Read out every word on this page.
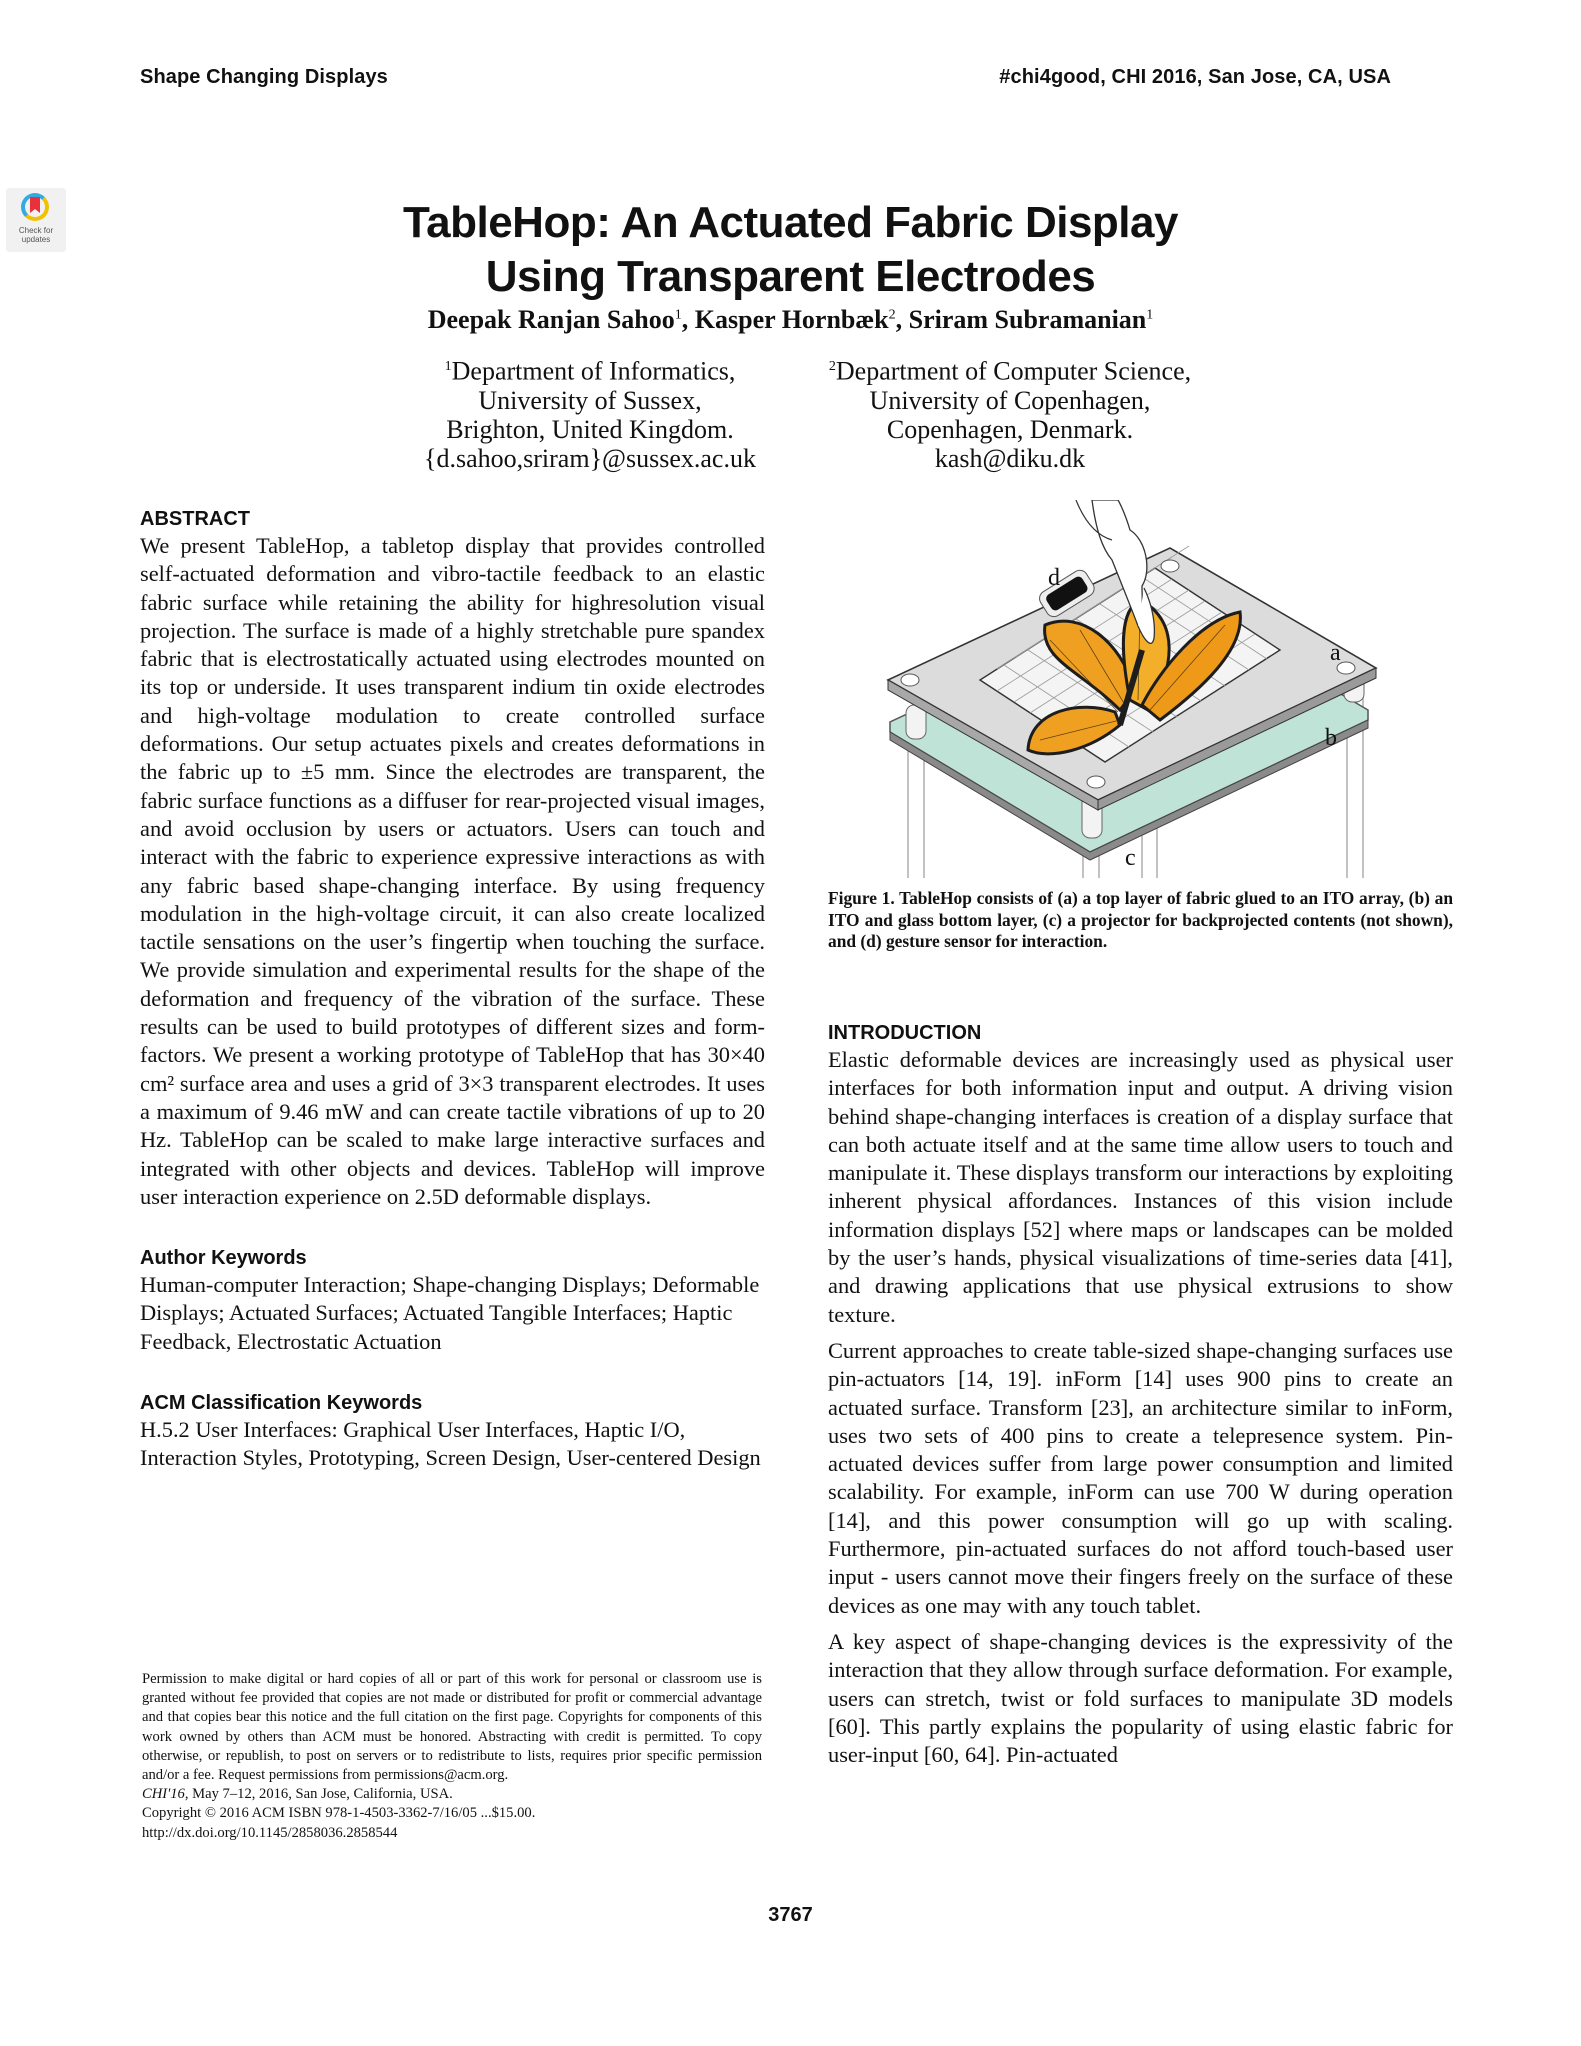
Shape Changing Displays	#chi4good, CHI 2016, San Jose, CA, USA
Check for
updates	TableHop: An Actuated Fabric Display
Using Transparent Electrodes
Deepak Ranjan Sahoo$^1$, Kasper Hornbæk$^2$, Sriram Subramanian$^1$
$^1$Department of Informatics,
University of Sussex,
Brighton, United Kingdom.
{d.sahoo,sriram}@sussex.ac.uk
$^2$Department of Computer Science,
University of Copenhagen,
Copenhagen, Denmark.
kash@diku.dk
ABSTRACT

We present TableHop, a tabletop display that provides controlled self-actuated deformation and vibro-tactile feedback to an elastic fabric surface while retaining the ability for highresolution visual projection. The surface is made of a highly stretchable pure spandex fabric that is electrostatically actuated using electrodes mounted on its top or underside. It uses transparent indium tin oxide electrodes and high-voltage modulation to create controlled surface deformations. Our setup actuates pixels and creates deformations in the fabric up to ±5 mm. Since the electrodes are transparent, the fabric surface functions as a diffuser for rear-projected visual images, and avoid occlusion by users or actuators. Users can touch and interact with the fabric to experience expressive interactions as with any fabric based shape-changing interface. By using frequency modulation in the high-voltage circuit, it can also create localized tactile sensations on the user’s fingertip when touching the surface. We provide simulation and experimental results for the shape of the deformation and frequency of the vibration of the surface. These results can be used to build prototypes of different sizes and form-factors. We present a working prototype of TableHop that has 30×40 cm² surface area and uses a grid of 3×3 transparent electrodes. It uses a maximum of 9.46 mW and can create tactile vibrations of up to 20 Hz. TableHop can be scaled to make large interactive surfaces and integrated with other objects and devices. TableHop will improve user interaction experience on 2.5D deformable displays.

Author Keywords

Human-computer Interaction; Shape-changing Displays; Deformable Displays; Actuated Surfaces; Actuated Tangible Interfaces; Haptic Feedback, Electrostatic Actuation

ACM Classification Keywords

H.5.2 User Interfaces: Graphical User Interfaces, Haptic I/O, Interaction Styles, Prototyping, Screen Design, User-centered Design

Permission to make digital or hard copies of all or part of this work for personal or classroom use is granted without fee provided that copies are not made or distributed for profit or commercial advantage and that copies bear this notice and the full citation on the first page. Copyrights for components of this work owned by others than ACM must be honored. Abstracting with credit is permitted. To copy otherwise, or republish, to post on servers or to redistribute to lists, requires prior specific permission and/or a fee. Request permissions from permissions@acm.org.
CHI'16, May 7–12, 2016, San Jose, California, USA.
Copyright © 2016 ACM ISBN 978-1-4503-3362-7/16/05 ...$15.00.
http://dx.doi.org/10.1145/2858036.2858544
d
a
b
c
Figure 1. TableHop consists of (a) a top layer of fabric glued to an ITO array, (b) an ITO and glass bottom layer, (c) a projector for backprojected contents (not shown), and (d) gesture sensor for interaction.
INTRODUCTION

Elastic deformable devices are increasingly used as physical user interfaces for both information input and output. A driving vision behind shape-changing interfaces is creation of a display surface that can both actuate itself and at the same time allow users to touch and manipulate it. These displays transform our interactions by exploiting inherent physical affordances. Instances of this vision include information displays [52] where maps or landscapes can be molded by the user’s hands, physical visualizations of time-series data [41], and drawing applications that use physical extrusions to show texture.

Current approaches to create table-sized shape-changing surfaces use pin-actuators [14, 19]. inForm [14] uses 900 pins to create an actuated surface. Transform [23], an architecture similar to inForm, uses two sets of 400 pins to create a telepresence system. Pin-actuated devices suffer from large power consumption and limited scalability. For example, inForm can use 700 W during operation [14], and this power consumption will go up with scaling. Furthermore, pin-actuated surfaces do not afford touch-based user input - users cannot move their fingers freely on the surface of these devices as one may with any touch tablet.

A key aspect of shape-changing devices is the expressivity of the interaction that they allow through surface deformation. For example, users can stretch, twist or fold surfaces to manipulate 3D models [60]. This partly explains the popularity of using elastic fabric for user-input [60, 64]. Pin-actuated

3767
